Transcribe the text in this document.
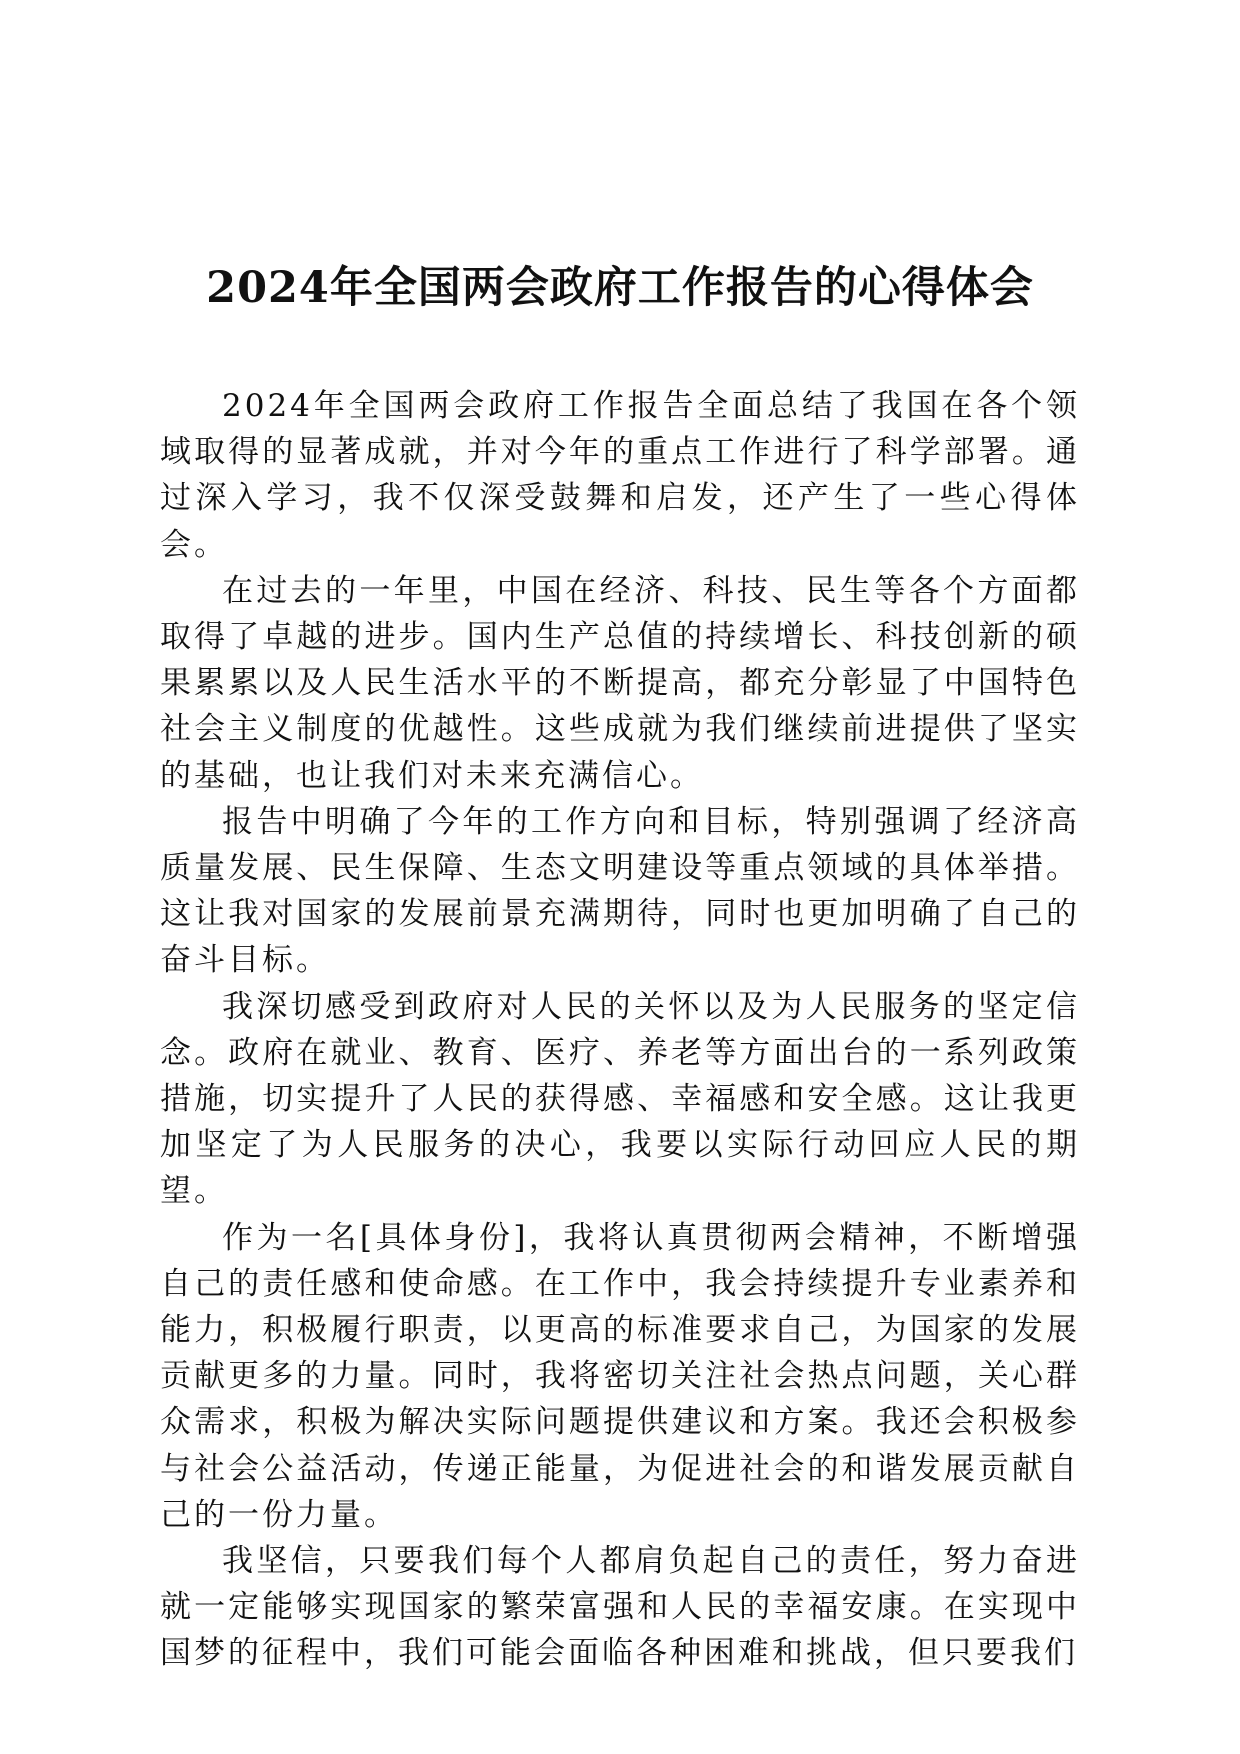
2024年全国两会政府工作报告的心得体会

2024年全国两会政府工作报告全面总结了我国在各个领域取得的显著成就，并对今年的重点工作进行了科学部署。通过深入学习，我不仅深受鼓舞和启发，还产生了一些心得体会。

在过去的一年里，中国在经济、科技、民生等各个方面都取得了卓越的进步。国内生产总值的持续增长、科技创新的硕果累累以及人民生活水平的不断提高，都充分彰显了中国特色社会主义制度的优越性。这些成就为我们继续前进提供了坚实的基础，也让我们对未来充满信心。

报告中明确了今年的工作方向和目标，特别强调了经济高质量发展、民生保障、生态文明建设等重点领域的具体举措。这让我对国家的发展前景充满期待，同时也更加明确了自己的奋斗目标。

我深切感受到政府对人民的关怀以及为人民服务的坚定信念。政府在就业、教育、医疗、养老等方面出台的一系列政策措施，切实提升了人民的获得感、幸福感和安全感。这让我更加坚定了为人民服务的决心，我要以实际行动回应人民的期望。

作为一名[具体身份]，我将认真贯彻两会精神，不断增强自己的责任感和使命感。在工作中，我会持续提升专业素养和能力，积极履行职责，以更高的标准要求自己，为国家的发展贡献更多的力量。同时，我将密切关注社会热点问题，关心群众需求，积极为解决实际问题提供建议和方案。我还会积极参与社会公益活动，传递正能量，为促进社会的和谐发展贡献自己的一份力量。

我坚信，只要我们每个人都肩负起自己的责任，努力奋进就一定能够实现国家的繁荣富强和人民的幸福安康。在实现中国梦的征程中，我们可能会面临各种困难和挑战，但只要我们
